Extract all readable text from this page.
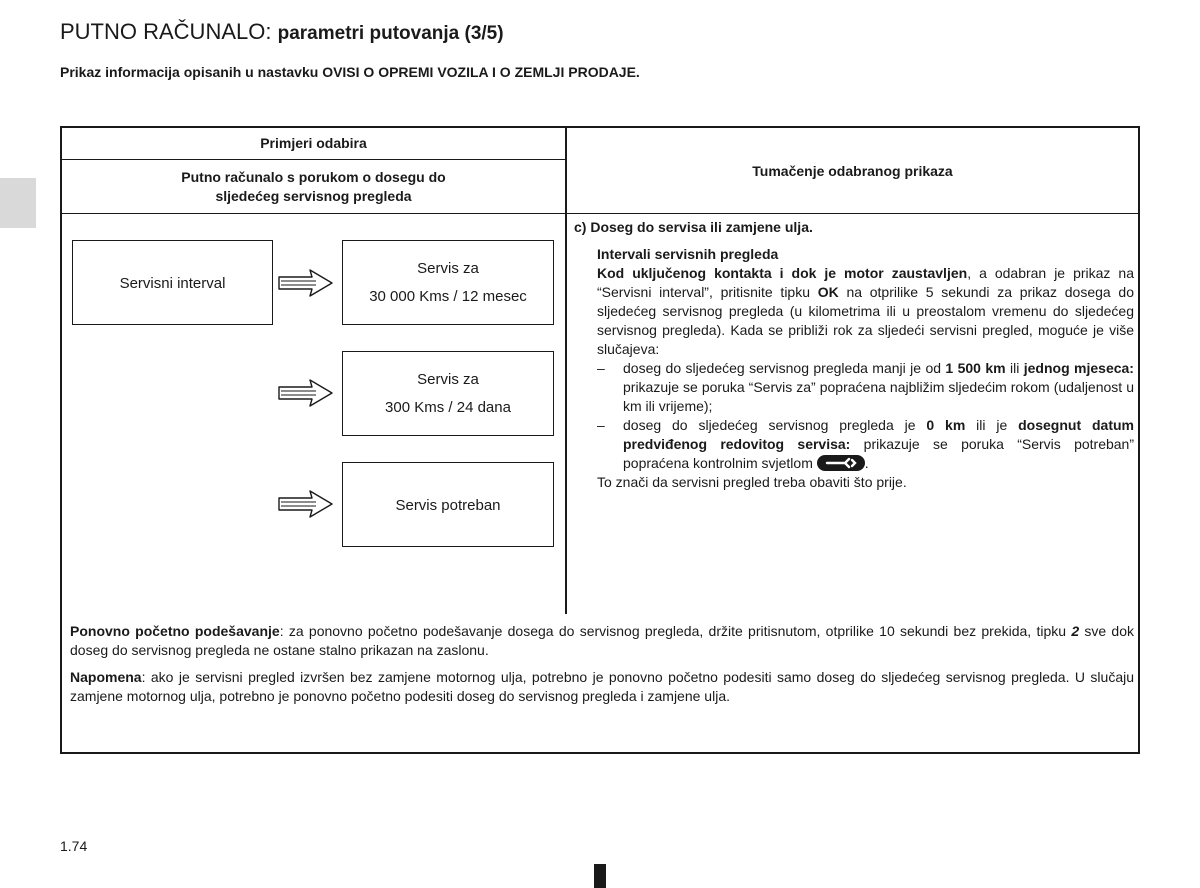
PUTNO RAČUNALO: parametri putovanja (3/5)
Prikaz informacija opisanih u nastavku OVISI O OPREMI VOZILA I O ZEMLJI PRODAJE.
Primjeri odabira
Putno računalo s porukom o dosegu do
sljedećeg servisnog pregleda
Tumačenje odabranog prikaza
Servisni interval
Servis za
30 000 Kms / 12 mesec
Servis za
300 Kms / 24 dana
Servis potreban
c) Doseg do servisa ili zamjene ulja.
Intervali servisnih pregleda
Kod uključenog kontakta i dok je motor zaustavljen, a odabran je prikaz na “Servisni interval”, pritisnite tipku OK na otprilike 5 sekundi za prikaz dosega do sljedećeg servisnog pregleda (u kilometrima ili u preostalom vremenu do sljedećeg servisnog pregleda). Kada se približi rok za sljedeći servisni pregled, moguće je više slučajeva:
–	doseg do sljedećeg servisnog pregleda manji je od 1 500 km ili jednog mjeseca: prikazuje se poruka “Servis za” popraćena najbližim sljedećim rokom (udaljenost u km ili vrijeme);
–	doseg do sljedećeg servisnog pregleda je 0 km ili je dosegnut datum predviđenog redovitog servisa: prikazuje se poruka “Servis potreban” popraćena kontrolnim svjetlom	.
To znači da servisni pregled treba obaviti što prije.

Ponovno početno podešavanje: za ponovno početno podešavanje dosega do servisnog pregleda, držite pritisnutom, otprilike 10 sekundi bez prekida, tipku 2 sve dok doseg do servisnog pregleda ne ostane stalno prikazan na zaslonu.

Napomena: ako je servisni pregled izvršen bez zamjene motornog ulja, potrebno je ponovno početno podesiti samo doseg do sljedećeg servisnog pregleda. U slučaju zamjene motornog ulja, potrebno je ponovno početno podesiti doseg do servisnog pregleda i zamjene ulja.

1.74
